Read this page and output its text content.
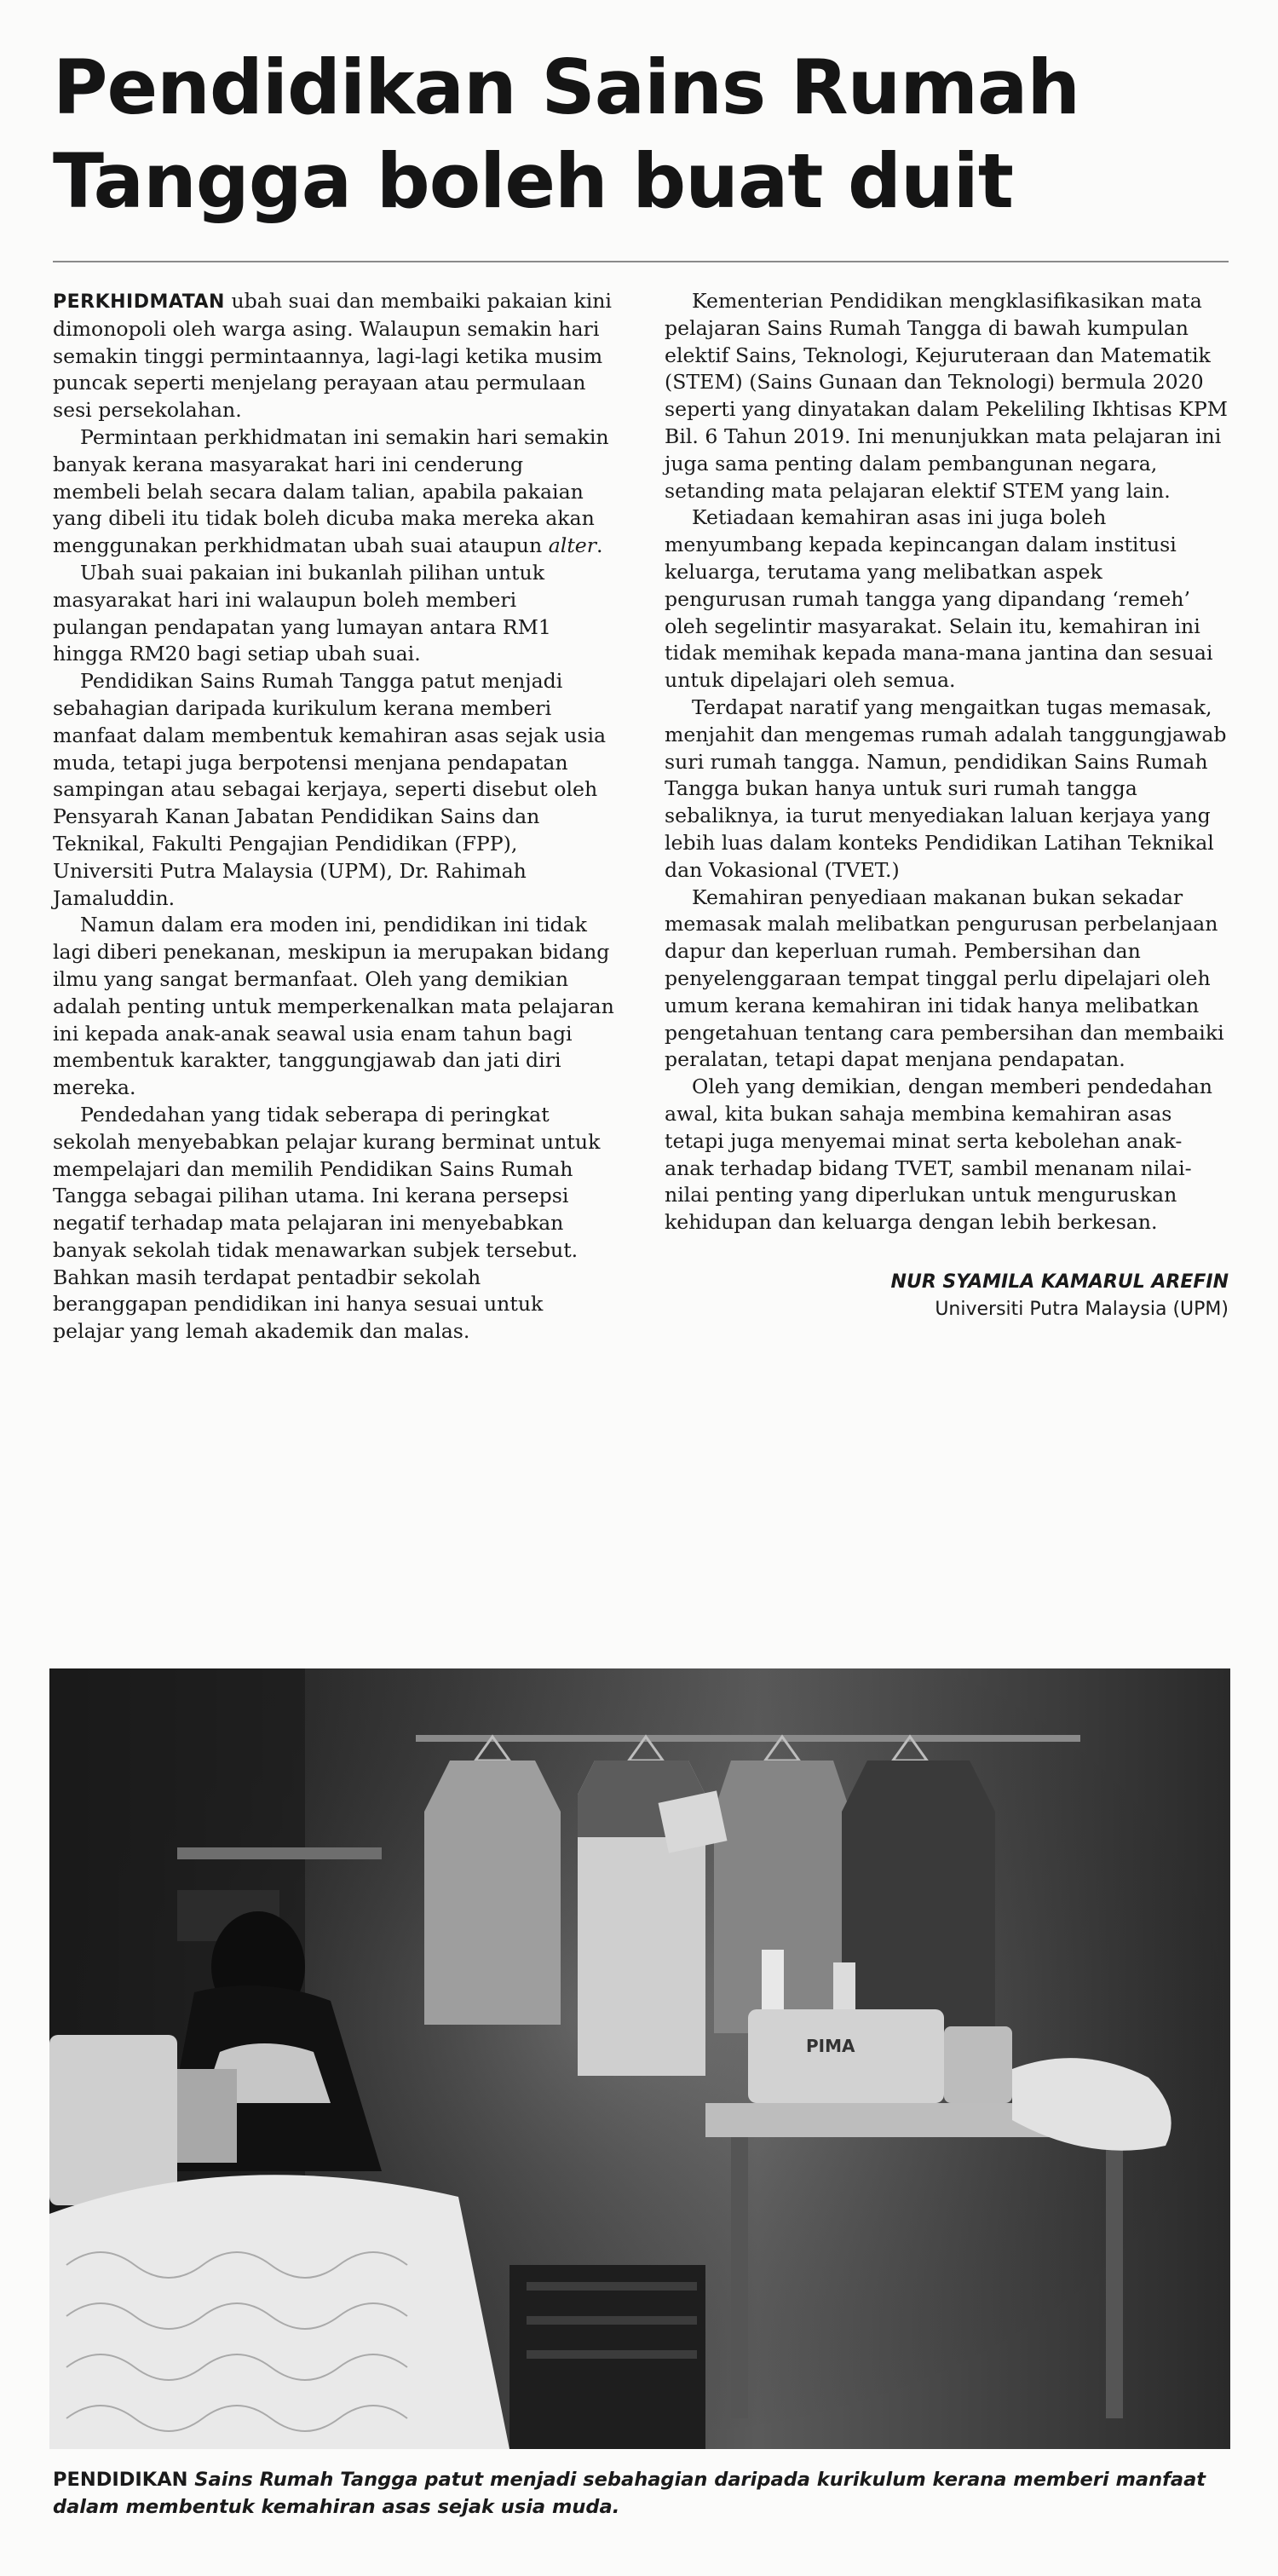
Pendidikan Sains Rumah
Tangga boleh buat duit

PERKHIDMATAN ubah suai dan membaiki pakaian kini dimonopoli oleh warga asing. Walaupun semakin hari semakin tinggi permintaannya, lagi-lagi ketika musim puncak seperti menjelang perayaan atau permulaan sesi persekolahan.

Permintaan perkhidmatan ini semakin hari semakin banyak kerana masyarakat hari ini cenderung membeli belah secara dalam talian, apabila pakaian yang dibeli itu tidak boleh dicuba maka mereka akan menggunakan perkhidmatan ubah suai ataupun alter.

Ubah suai pakaian ini bukanlah pilihan untuk masyarakat hari ini walaupun boleh memberi pulangan pendapatan yang lumayan antara RM1 hingga RM20 bagi setiap ubah suai.

Pendidikan Sains Rumah Tangga patut menjadi sebahagian daripada kurikulum kerana memberi manfaat dalam membentuk kemahiran asas sejak usia muda, tetapi juga berpotensi menjana pendapatan sampingan atau sebagai kerjaya, seperti disebut oleh Pensyarah Kanan Jabatan Pendidikan Sains dan Teknikal, Fakulti Pengajian Pendidikan (FPP), Universiti Putra Malaysia (UPM), Dr. Rahimah Jamaluddin.

Namun dalam era moden ini, pendidikan ini tidak lagi diberi penekanan, meskipun ia merupakan bidang ilmu yang sangat bermanfaat. Oleh yang demikian adalah penting untuk memperkenalkan mata pelajaran ini kepada anak-anak seawal usia enam tahun bagi membentuk karakter, tanggungjawab dan jati diri mereka.

Pendedahan yang tidak seberapa di peringkat sekolah menyebabkan pelajar kurang berminat untuk mempelajari dan memilih Pendidikan Sains Rumah Tangga sebagai pilihan utama. Ini kerana persepsi negatif terhadap mata pelajaran ini menyebabkan banyak sekolah tidak menawarkan subjek tersebut. Bahkan masih terdapat pentadbir sekolah beranggapan pendidikan ini hanya sesuai untuk pelajar yang lemah akademik dan malas.

Kementerian Pendidikan mengklasifikasikan mata pelajaran Sains Rumah Tangga di bawah kumpulan elektif Sains, Teknologi, Kejuruteraan dan Matematik (STEM) (Sains Gunaan dan Teknologi) bermula 2020 seperti yang dinyatakan dalam Pekeliling Ikhtisas KPM Bil. 6 Tahun 2019. Ini menunjukkan mata pelajaran ini juga sama penting dalam pembangunan negara, setanding mata pelajaran elektif STEM yang lain.

Ketiadaan kemahiran asas ini juga boleh menyumbang kepada kepincangan dalam institusi keluarga, terutama yang melibatkan aspek pengurusan rumah tangga yang dipandang ‘remeh’ oleh segelintir masyarakat. Selain itu, kemahiran ini tidak memihak kepada mana-mana jantina dan sesuai untuk dipelajari oleh semua.

Terdapat naratif yang mengaitkan tugas memasak, menjahit dan mengemas rumah adalah tanggungjawab suri rumah tangga. Namun, pendidikan Sains Rumah Tangga bukan hanya untuk suri rumah tangga sebaliknya, ia turut menyediakan laluan kerjaya yang lebih luas dalam konteks Pendidikan Latihan Teknikal dan Vokasional (TVET.)

Kemahiran penyediaan makanan bukan sekadar memasak malah melibatkan pengurusan perbelanjaan dapur dan keperluan rumah. Pembersihan dan penyelenggaraan tempat tinggal perlu dipelajari oleh umum kerana kemahiran ini tidak hanya melibatkan pengetahuan tentang cara pembersihan dan membaiki peralatan, tetapi dapat menjana pendapatan.

Oleh yang demikian, dengan memberi pendedahan awal, kita bukan sahaja membina kemahiran asas tetapi juga menyemai minat serta kebolehan anak-anak terhadap bidang TVET, sambil menanam nilai-nilai penting yang diperlukan untuk menguruskan kehidupan dan keluarga dengan lebih berkesan.

NUR SYAMILA KAMARUL AREFIN
Universiti Putra Malaysia (UPM)
PIMA

PENDIDIKAN Sains Rumah Tangga patut menjadi sebahagian daripada kurikulum kerana memberi manfaat dalam membentuk kemahiran asas sejak usia muda.
